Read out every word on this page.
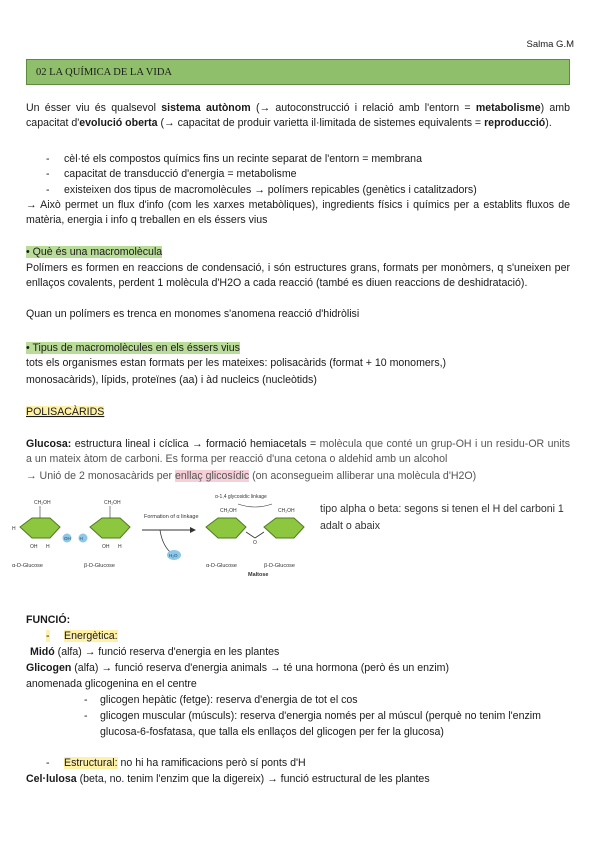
Salma G.M
02 LA QUÍMICA DE LA VIDA
Un ésser viu és qualsevol sistema autònom (→ autoconstrucció i relació amb l'entorn = metabolisme) amb capacitat d'evolució oberta (→ capacitat de produir varietta il·limitada de sistemes equivalents = reproducció).
- cèl·té els compostos químics fins un recinte separat de l'entorn = membrana
- capacitat de transducció d'energia = metabolisme
- existeixen dos tipus de macromolècules → polímers repicables (genètics i catalitzadors)
→ Això permet un flux d'info (com les xarxes metabòliques), ingredients físics i químics per a establits fluxos de matèria, energia i info q treballen en els éssers vius
• Què és una macromolècula
Polímers es formen en reaccions de condensació, i són estructures grans, formats per monòmers, q s'uneixen per enllaços covalents, perdent 1 molècula d'H2O a cada reacció (també es diuen reaccions de deshidratació).
Quan un polímers es trenca en monomes s'anomena reacció d'hidròlisi
• Tipus de macromolècules en els éssers vius
tots els organismes estan formats per les mateixes: polisacàrids (format + 10 monomers,)
monosacàrids), lípids, proteïnes (aa) i àd nucleics (nucleòtids)
POLISACÀRIDS
Glucosa: estructura lineal i cíclica → formació hemiacetals = molècula que conté un grup-OH i un residu-OR units a un mateix àtom de carboni. Es forma per reacció d'una cetona o aldehid amb un alcohol
→ Unió de 2 monosacàrids per enllaç glicosídic (on aconsegueim alliberar una molècula d'H2O)
CH₂OH
H
OH H
OH
CH₂OH
H
OH H
Formation of α linkage
H₂O
O
α-1,4 glycosidic linkage
CH₂OH	CH₂OH
α-D-Glucose	β-D-Glucose	α-D-Glucose	β-D-Glucose
Maltose
tipo alpha o beta: segons si tenen el H del carboni 1 adalt o abaix
FUNCIÓ:
- Energètica:
Midó (alfa) → funció reserva d'energia en les plantes
Glicogen (alfa) → funció reserva d'energia animals → té una hormona (però és un enzim)
anomenada glicogenina en el centre
- glicogen hepàtic (fetge): reserva d'energia de tot el cos
- glicogen muscular (músculs): reserva d'energia només per al múscul (perquè no tenim l'enzim
glucosa-6-fosfatasa, que talla els enllaços del glicogen per fer la glucosa)
- Estructural: no hi ha ramificacions però sí ponts d'H
Cel·lulosa (beta, no. tenim l'enzim que la digereix) → funció estructural de les plantes
